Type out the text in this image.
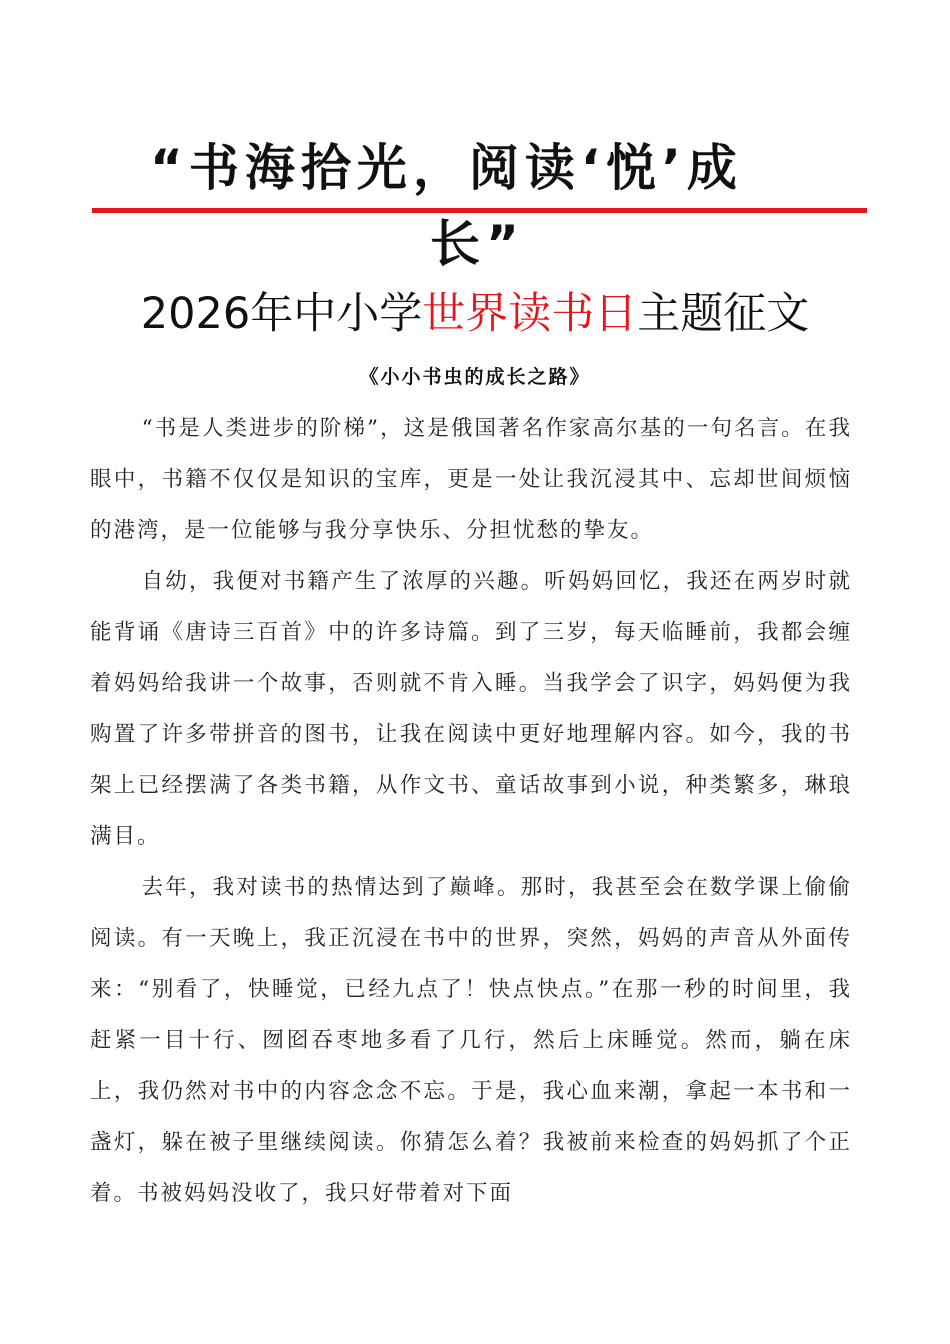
“书海拾光，阅读‘悦’成
长”
2026年中小学世界读书日主题征文
《小小书虫的成长之路》

“书是人类进步的阶梯”，这是俄国著名作家高尔基的一句名言。在我眼中，书籍不仅仅是知识的宝库，更是一处让我沉浸其中、忘却世间烦恼的港湾，是一位能够与我分享快乐、分担忧愁的挚友。

自幼，我便对书籍产生了浓厚的兴趣。听妈妈回忆，我还在两岁时就能背诵《唐诗三百首》中的许多诗篇。到了三岁，每天临睡前，我都会缠着妈妈给我讲一个故事，否则就不肯入睡。当我学会了识字，妈妈便为我购置了许多带拼音的图书，让我在阅读中更好地理解内容。如今，我的书架上已经摆满了各类书籍，从作文书、童话故事到小说，种类繁多，琳琅满目。

去年，我对读书的热情达到了巅峰。那时，我甚至会在数学课上偷偷阅读。有一天晚上，我正沉浸在书中的世界，突然，妈妈的声音从外面传来：“别看了，快睡觉，已经九点了！快点快点。”在那一秒的时间里，我赶紧一目十行、囫囵吞枣地多看了几行，然后上床睡觉。然而，躺在床上，我仍然对书中的内容念念不忘。于是，我心血来潮，拿起一本书和一盏灯，躲在被子里继续阅读。你猜怎么着？我被前来检查的妈妈抓了个正着。书被妈妈没收了，我只好带着对下面
